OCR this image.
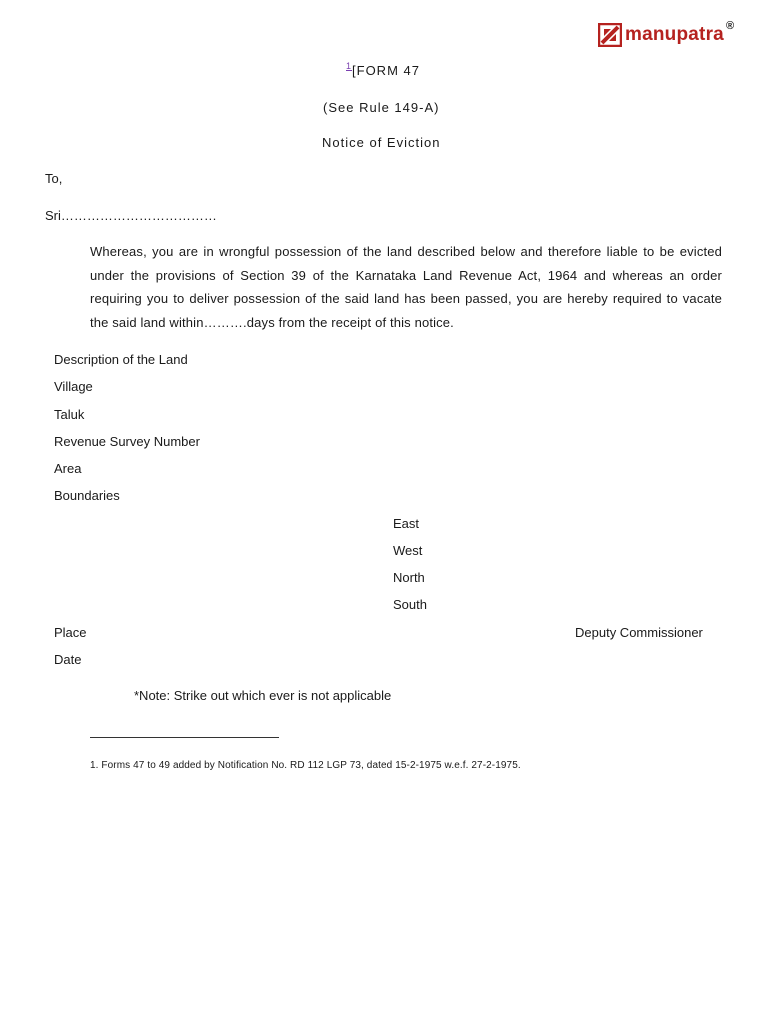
manupatra ®
$^1$[FORM 47
(See Rule 149-A)
Notice of Eviction
To,
Sri………………………………
Whereas, you are in wrongful possession of the land described below and therefore liable to be evicted under the provisions of Section 39 of the Karnataka Land Revenue Act, 1964 and whereas an order requiring you to deliver possession of the said land has been passed, you are hereby required to vacate the said land within……….days from the receipt of this notice.
Description of the Land
Village
Taluk
Revenue Survey Number
Area
Boundaries
East
West
North
South
Place	Deputy Commissioner
Date
*Note: Strike out which ever is not applicable
1. Forms 47 to 49 added by Notification No. RD 112 LGP 73, dated 15-2-1975 w.e.f. 27-2-1975.
